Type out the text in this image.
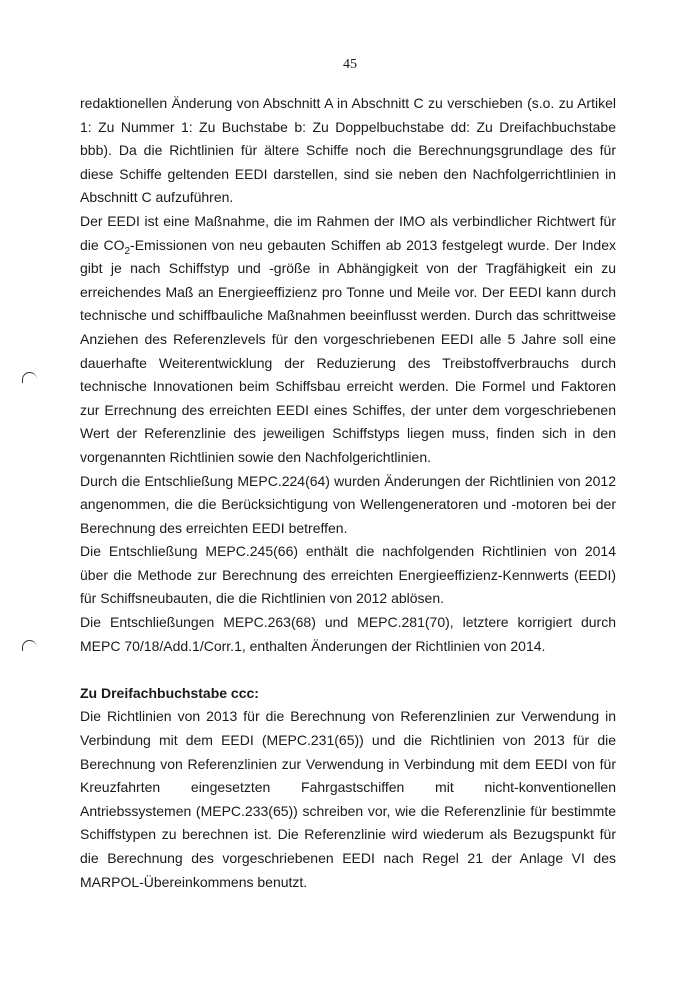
45

redaktionellen Änderung von Abschnitt A in Abschnitt C zu verschieben (s.o. zu Artikel 1: Zu Nummer 1: Zu Buchstabe b: Zu Doppelbuchstabe dd: Zu Dreifachbuchstabe bbb). Da die Richtlinien für ältere Schiffe noch die Berechnungsgrundlage des für diese Schiffe geltenden EEDI darstellen, sind sie neben den Nachfolgerrichtlinien in Abschnitt C aufzuführen.

Der EEDI ist eine Maßnahme, die im Rahmen der IMO als verbindlicher Richtwert für die $CO_2$-Emissionen von neu gebauten Schiffen ab 2013 festgelegt wurde. Der Index gibt je nach Schiffstyp und -größe in Abhängigkeit von der Tragfähigkeit ein zu erreichendes Maß an Energieeffizienz pro Tonne und Meile vor. Der EEDI kann durch technische und schiffbauliche Maßnahmen beeinflusst werden. Durch das schrittweise Anziehen des Referenzlevels für den vorgeschriebenen EEDI alle 5 Jahre soll eine dauerhafte Weiterentwicklung der Reduzierung des Treibstoffverbrauchs durch technische Innovationen beim Schiffsbau erreicht werden. Die Formel und Faktoren zur Errechnung des erreichten EEDI eines Schiffes, der unter dem vorgeschriebenen Wert der Referenzlinie des jeweiligen Schiffstyps liegen muss, finden sich in den vorgenannten Richtlinien sowie den Nachfolgerichtlinien.

Durch die Entschließung MEPC.224(64) wurden Änderungen der Richtlinien von 2012 angenommen, die die Berücksichtigung von Wellengeneratoren und -motoren bei der Berechnung des erreichten EEDI betreffen.

Die Entschließung MEPC.245(66) enthält die nachfolgenden Richtlinien von 2014 über die Methode zur Berechnung des erreichten Energieeffizienz-Kennwerts (EEDI) für Schiffsneubauten, die die Richtlinien von 2012 ablösen.

Die Entschließungen MEPC.263(68) und MEPC.281(70), letztere korrigiert durch MEPC 70/18/Add.1/Corr.1, enthalten Änderungen der Richtlinien von 2014.

Zu Dreifachbuchstabe ccc:

Die Richtlinien von 2013 für die Berechnung von Referenzlinien zur Verwendung in Verbindung mit dem EEDI (MEPC.231(65)) und die Richtlinien von 2013 für die Berechnung von Referenzlinien zur Verwendung in Verbindung mit dem EEDI von für Kreuzfahrten eingesetzten Fahrgastschiffen mit nicht-konventionellen Antriebssystemen (MEPC.233(65)) schreiben vor, wie die Referenzlinie für bestimmte Schiffstypen zu berechnen ist. Die Referenzlinie wird wiederum als Bezugspunkt für die Berechnung des vorgeschriebenen EEDI nach Regel 21 der Anlage VI des MARPOL-Übereinkommens benutzt.
